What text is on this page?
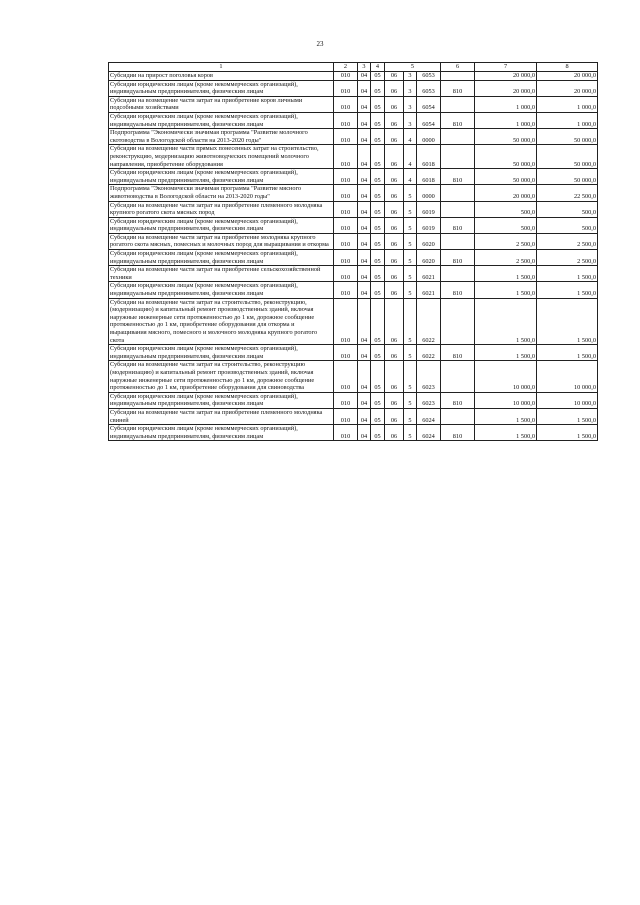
23
1	2	3	4	5			6	7	8
Субсидии на прирост поголовья коров	010	04	05	06	3	6053		20 000,0	20 000,0
Субсидии юридическим лицам (кроме некоммерческих организаций), индивидуальным предпринимателям, физическим лицам	010	04	05	06	3	6053	810	20 000,0	20 000,0
Субсидии на возмещение части затрат на приобретение коров личными подсобными хозяйствами	010	04	05	06	3	6054		1 000,0	1 000,0
Субсидии юридическим лицам (кроме некоммерческих организаций), индивидуальным предпринимателям, физическим лицам	010	04	05	06	3	6054	810	1 000,0	1 000,0
Подпрограмма "Экономически значимая программа "Развитие молочного скотоводства в Вологодской области на 2013-2020 годы"	010	04	05	06	4	0000		50 000,0	50 000,0
Субсидии на возмещение части прямых понесенных затрат на строительство, реконструкцию, модернизацию животноводческих помещений молочного направления, приобретение оборудования	010	04	05	06	4	6018		50 000,0	50 000,0
Субсидии юридическим лицам (кроме некоммерческих организаций), индивидуальным предпринимателям, физическим лицам	010	04	05	06	4	6018	810	50 000,0	50 000,0
Подпрограмма "Экономически значимая программа "Развитие мясного животноводства в Вологодской области на 2013-2020 годы"	010	04	05	06	5	0000		20 000,0	22 500,0
Субсидии на возмещение части затрат на приобретение племенного молодняка крупного рогатого скота мясных пород	010	04	05	06	5	6019		500,0	500,0
Субсидии юридическим лицам (кроме некоммерческих организаций), индивидуальным предпринимателям, физическим лицам	010	04	05	06	5	6019	810	500,0	500,0
Субсидии на возмещение части затрат на приобретение молодняка крупного рогатого скота мясных, помесных и молочных пород для выращивания и откорма	010	04	05	06	5	6020		2 500,0	2 500,0
Субсидии юридическим лицам (кроме некоммерческих организаций), индивидуальным предпринимателям, физическим лицам	010	04	05	06	5	6020	810	2 500,0	2 500,0
Субсидии на возмещение части затрат на приобретение сельскохозяйственной техники	010	04	05	06	5	6021		1 500,0	1 500,0
Субсидии юридическим лицам (кроме некоммерческих организаций), индивидуальным предпринимателям, физическим лицам	010	04	05	06	5	6021	810	1 500,0	1 500,0
Субсидии на возмещение части затрат на строительство, реконструкцию, (модернизацию) и капитальный ремонт производственных зданий, включая наружные инженерные сети протяженностью до 1 км, дорожное сообщение протяженностью до 1 км, приобретение оборудования для откорма и выращивания мясного, помесного и молочного молодняка крупного рогатого скота	010	04	05	06	5	6022		1 500,0	1 500,0
Субсидии юридическим лицам (кроме некоммерческих организаций), индивидуальным предпринимателям, физическим лицам	010	04	05	06	5	6022	810	1 500,0	1 500,0
Субсидии на возмещение части затрат на строительство, реконструкцию (модернизацию) и капитальный ремонт производственных зданий, включая наружные инженерные сети протяженностью до 1 км, дорожное сообщение протяженностью до 1 км, приобретение оборудования для свиноводства	010	04	05	06	5	6023		10 000,0	10 000,0
Субсидии юридическим лицам (кроме некоммерческих организаций), индивидуальным предпринимателям, физическим лицам	010	04	05	06	5	6023	810	10 000,0	10 000,0
Субсидии на возмещение части затрат на приобретение племенного молодняка свиней	010	04	05	06	5	6024		1 500,0	1 500,0
Субсидии юридическим лицам (кроме некоммерческих организаций), индивидуальным предпринимателям, физическим лицам	010	04	05	06	5	6024	810	1 500,0	1 500,0
